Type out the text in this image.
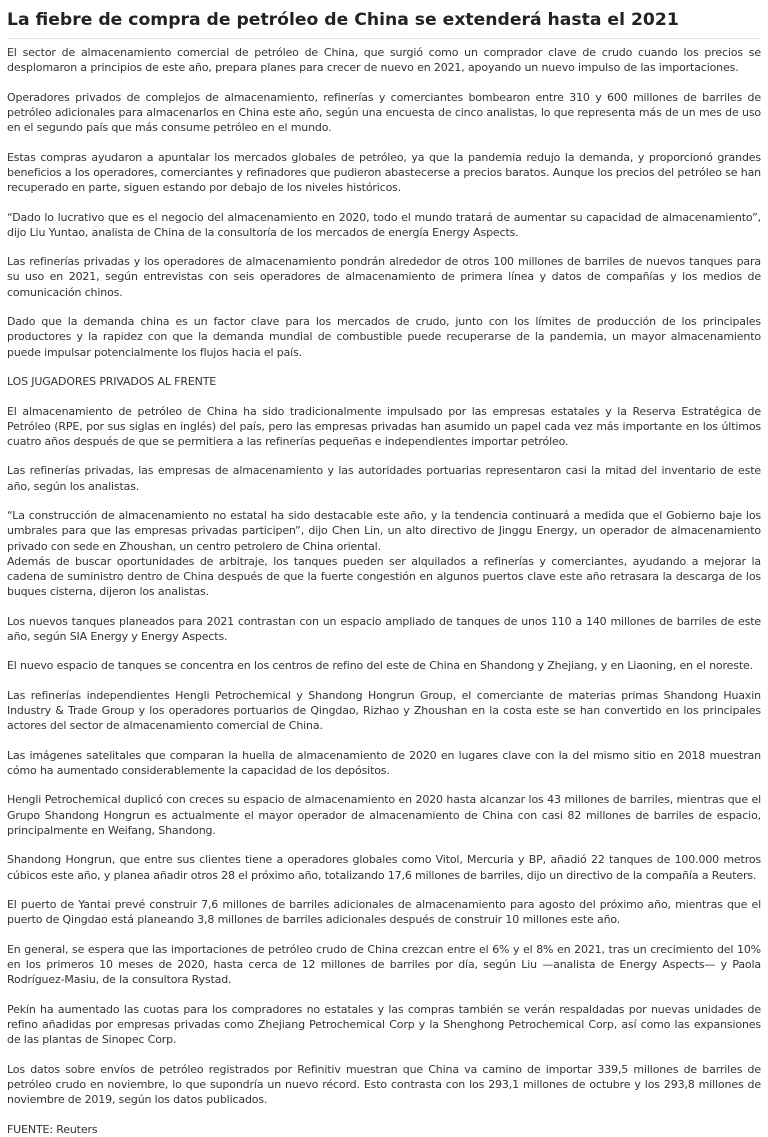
La fiebre de compra de petróleo de China se extenderá hasta el 2021

El sector de almacenamiento comercial de petróleo de China, que surgió como un comprador clave de crudo cuando los precios se desplomaron a principios de este año, prepara planes para crecer de nuevo en 2021, apoyando un nuevo impulso de las importaciones.

Operadores privados de complejos de almacenamiento, refinerías y comerciantes bombearon entre 310 y 600 millones de barriles de petróleo adicionales para almacenarlos en China este año, según una encuesta de cinco analistas, lo que representa más de un mes de uso en el segundo país que más consume petróleo en el mundo.

Estas compras ayudaron a apuntalar los mercados globales de petróleo, ya que la pandemia redujo la demanda, y proporcionó grandes beneficios a los operadores, comerciantes y refinadores que pudieron abastecerse a precios baratos. Aunque los precios del petróleo se han recuperado en parte, siguen estando por debajo de los niveles históricos.

“Dado lo lucrativo que es el negocio del almacenamiento en 2020, todo el mundo tratará de aumentar su capacidad de almacenamiento”, dijo Liu Yuntao, analista de China de la consultoría de los mercados de energía Energy Aspects.

Las refinerías privadas y los operadores de almacenamiento pondrán alrededor de otros 100 millones de barriles de nuevos tanques para su uso en 2021, según entrevistas con seis operadores de almacenamiento de primera línea y datos de compañías y los medios de comunicación chinos.

Dado que la demanda china es un factor clave para los mercados de crudo, junto con los límites de producción de los principales productores y la rapidez con que la demanda mundial de combustible puede recuperarse de la pandemia, un mayor almacenamiento puede impulsar potencialmente los flujos hacia el país.

LOS JUGADORES PRIVADOS AL FRENTE

El almacenamiento de petróleo de China ha sido tradicionalmente impulsado por las empresas estatales y la Reserva Estratégica de Petróleo (RPE, por sus siglas en inglés) del país, pero las empresas privadas han asumido un papel cada vez más importante en los últimos cuatro años después de que se permitiera a las refinerías pequeñas e independientes importar petróleo.

Las refinerías privadas, las empresas de almacenamiento y las autoridades portuarias representaron casi la mitad del inventario de este año, según los analistas.

“La construcción de almacenamiento no estatal ha sido destacable este año, y la tendencia continuará a medida que el Gobierno baje los umbrales para que las empresas privadas participen”, dijo Chen Lin, un alto directivo de Jinggu Energy, un operador de almacenamiento privado con sede en Zhoushan, un centro petrolero de China oriental.

Además de buscar oportunidades de arbitraje, los tanques pueden ser alquilados a refinerías y comerciantes, ayudando a mejorar la cadena de suministro dentro de China después de que la fuerte congestión en algunos puertos clave este año retrasara la descarga de los buques cisterna, dijeron los analistas.

Los nuevos tanques planeados para 2021 contrastan con un espacio ampliado de tanques de unos 110 a 140 millones de barriles de este año, según SIA Energy y Energy Aspects.

El nuevo espacio de tanques se concentra en los centros de refino del este de China en Shandong y Zhejiang, y en Liaoning, en el noreste.

Las refinerías independientes Hengli Petrochemical y Shandong Hongrun Group, el comerciante de materias primas Shandong Huaxin Industry & Trade Group y los operadores portuarios de Qingdao, Rizhao y Zhoushan en la costa este se han convertido en los principales actores del sector de almacenamiento comercial de China.

Las imágenes satelitales que comparan la huella de almacenamiento de 2020 en lugares clave con la del mismo sitio en 2018 muestran cómo ha aumentado considerablemente la capacidad de los depósitos.

Hengli Petrochemical duplicó con creces su espacio de almacenamiento en 2020 hasta alcanzar los 43 millones de barriles, mientras que el Grupo Shandong Hongrun es actualmente el mayor operador de almacenamiento de China con casi 82 millones de barriles de espacio, principalmente en Weifang, Shandong.

Shandong Hongrun, que entre sus clientes tiene a operadores globales como Vitol, Mercuria y BP, añadió 22 tanques de 100.000 metros cúbicos este año, y planea añadir otros 28 el próximo año, totalizando 17,6 millones de barriles, dijo un directivo de la compañía a Reuters.

El puerto de Yantai prevé construir 7,6 millones de barriles adicionales de almacenamiento para agosto del próximo año, mientras que el puerto de Qingdao está planeando 3,8 millones de barriles adicionales después de construir 10 millones este año.

En general, se espera que las importaciones de petróleo crudo de China crezcan entre el 6% y el 8% en 2021, tras un crecimiento del 10% en los primeros 10 meses de 2020, hasta cerca de 12 millones de barriles por día, según Liu —analista de Energy Aspects— y Paola Rodríguez-Masiu, de la consultora Rystad.

Pekín ha aumentado las cuotas para los compradores no estatales y las compras también se verán respaldadas por nuevas unidades de refino añadidas por empresas privadas como Zhejiang Petrochemical Corp y la Shenghong Petrochemical Corp, así como las expansiones de las plantas de Sinopec Corp.

Los datos sobre envíos de petróleo registrados por Refinitiv muestran que China va camino de importar 339,5 millones de barriles de petróleo crudo en noviembre, lo que supondría un nuevo récord. Esto contrasta con los 293,1 millones de octubre y los 293,8 millones de noviembre de 2019, según los datos publicados.

FUENTE: Reuters
